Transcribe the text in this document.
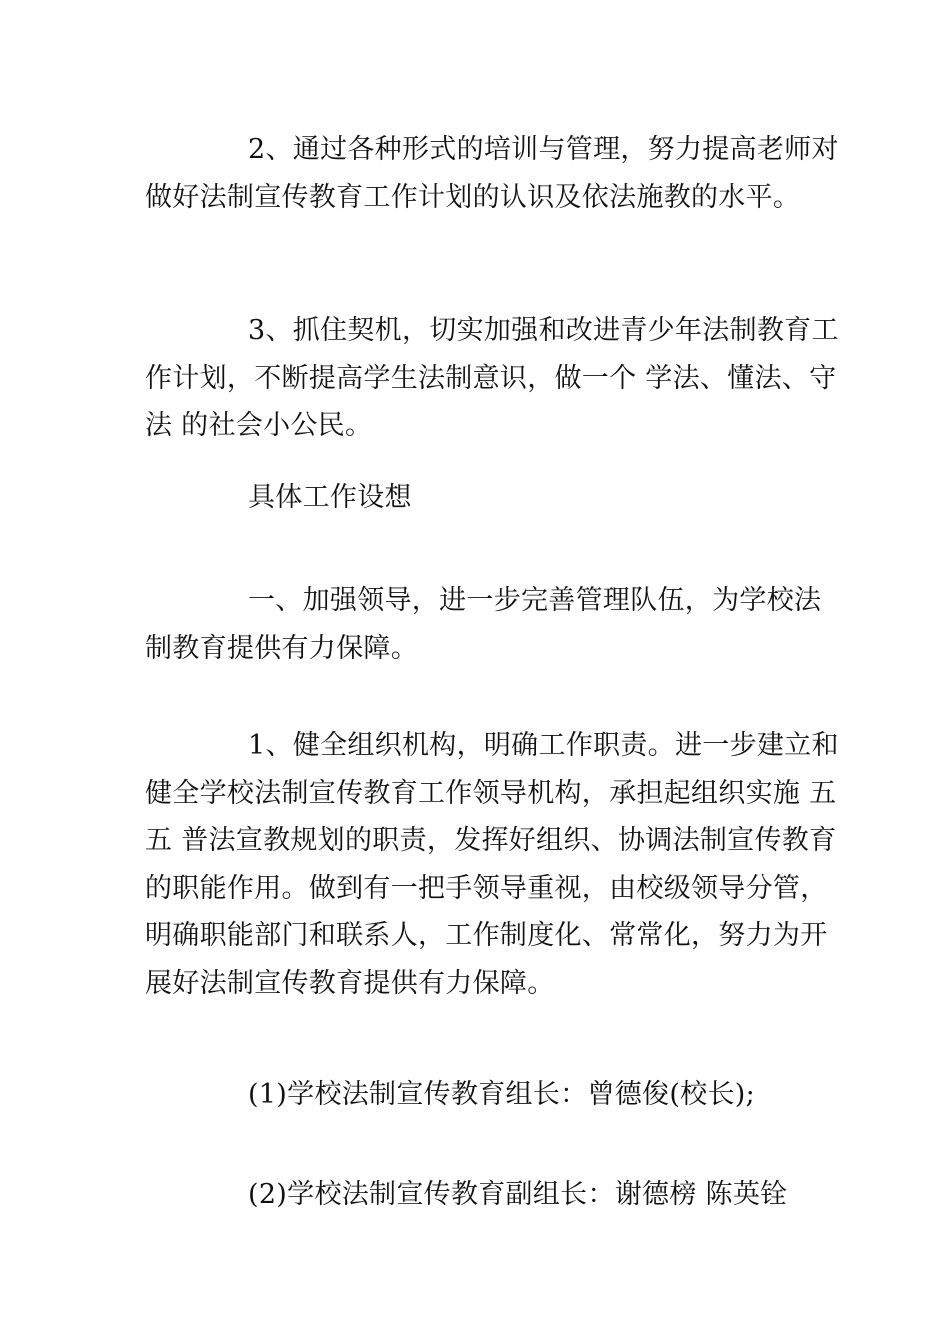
2、通过各种形式的培训与管理，努力提高老师对
做好法制宣传教育工作计划的认识及依法施教的水平。

3、抓住契机，切实加强和改进青少年法制教育工
作计划，不断提高学生法制意识，做一个 学法、懂法、守
法 的社会小公民。

具体工作设想

一、加强领导，进一步完善管理队伍，为学校法
制教育提供有力保障。

1、健全组织机构，明确工作职责。进一步建立和
健全学校法制宣传教育工作领导机构，承担起组织实施 五
五 普法宣教规划的职责，发挥好组织、协调法制宣传教育
的职能作用。做到有一把手领导重视，由校级领导分管，
明确职能部门和联系人，工作制度化、常常化，努力为开
展好法制宣传教育提供有力保障。

(1)学校法制宣传教育组长：曾德俊(校长);

(2)学校法制宣传教育副组长：谢德榜 陈英铨
